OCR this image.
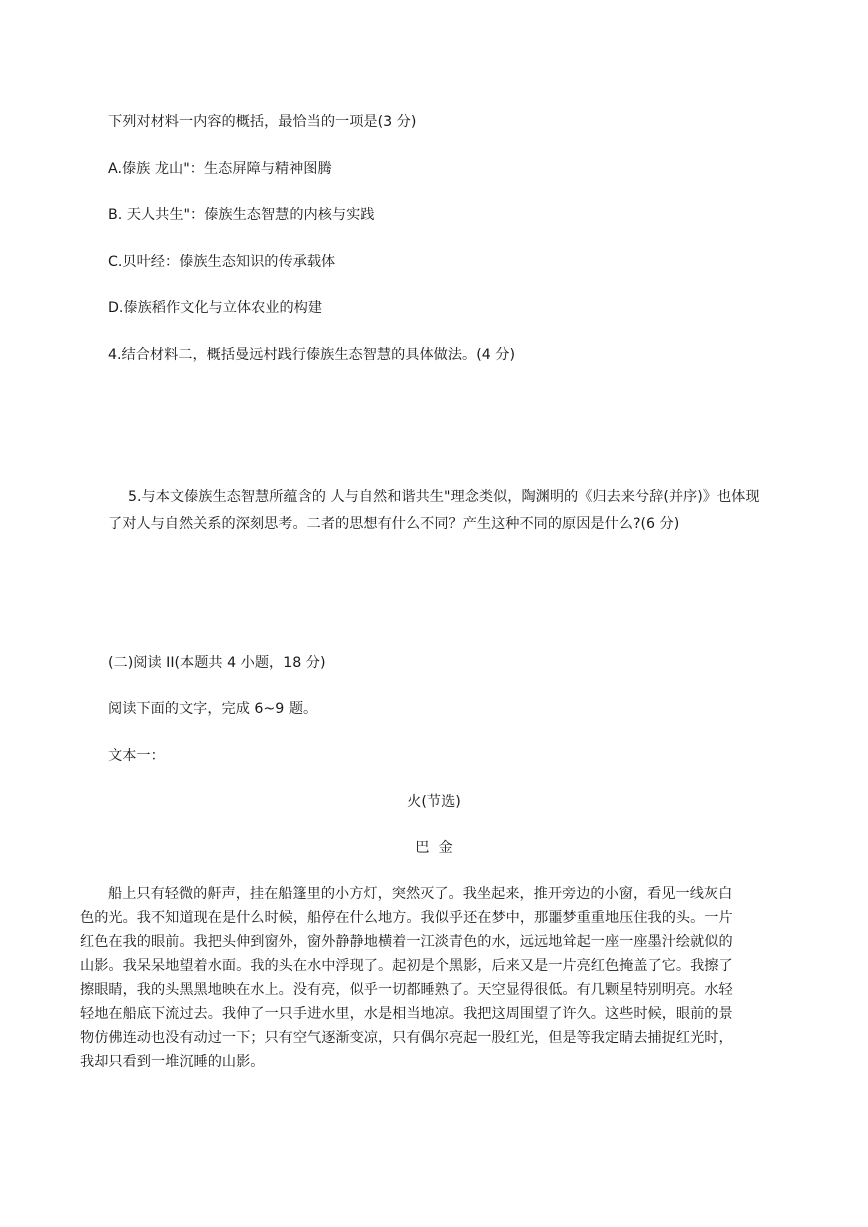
下列对材料一内容的概括，最恰当的一项是(3 分)

A.傣族 龙山"：生态屏障与精神图腾

B. 天人共生"：傣族生态智慧的内核与实践

C.贝叶经：傣族生态知识的传承载体

D.傣族稻作文化与立体农业的构建

4.结合材料二，概括曼远村践行傣族生态智慧的具体做法。(4 分)

5.与本文傣族生态智慧所蕴含的 人与自然和谐共生"理念类似，陶渊明的《归去来兮辞(并序)》也体现

了对人与自然关系的深刻思考。二者的思想有什么不同？产生这种不同的原因是什么?(6 分)

(二)阅读 II(本题共 4 小题，18 分)

阅读下面的文字，完成 6~9 题。

文本一：

火(节选)

巴金

船上只有轻微的鼾声，挂在船篷里的小方灯，突然灭了。我坐起来，推开旁边的小窗，看见一线灰白

色的光。我不知道现在是什么时候，船停在什么地方。我似乎还在梦中，那噩梦重重地压住我的头。一片

红色在我的眼前。我把头伸到窗外，窗外静静地横着一江淡青色的水，远远地耸起一座一座墨汁绘就似的

山影。我呆呆地望着水面。我的头在水中浮现了。起初是个黑影，后来又是一片亮红色掩盖了它。我擦了

擦眼睛，我的头黑黑地映在水上。没有亮，似乎一切都睡熟了。天空显得很低。有几颗星特别明亮。水轻

轻地在船底下流过去。我伸了一只手进水里，水是相当地凉。我把这周围望了许久。这些时候，眼前的景

物仿佛连动也没有动过一下；只有空气逐渐变凉，只有偶尔亮起一股红光，但是等我定睛去捕捉红光时，

我却只看到一堆沉睡的山影。
